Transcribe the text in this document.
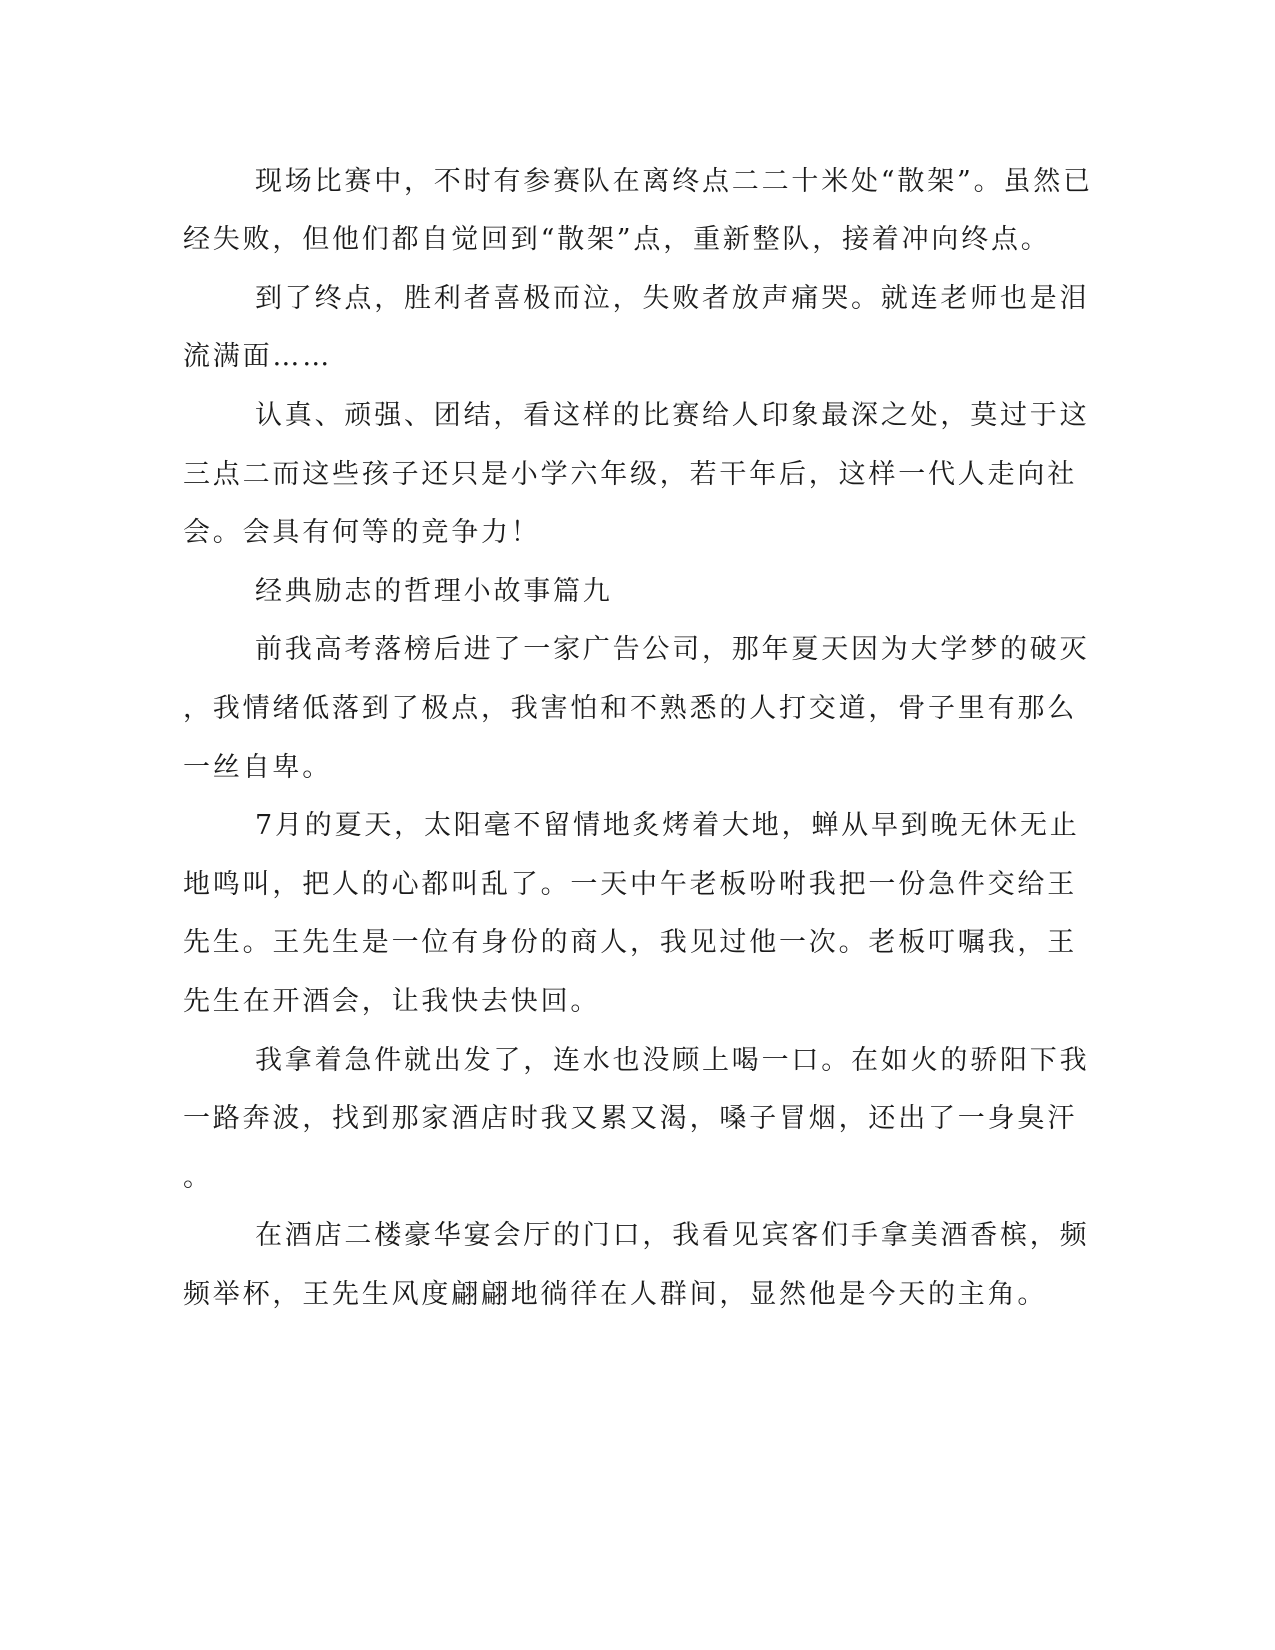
现场比赛中，不时有参赛队在离终点二二十米处“散架”。虽然已
经失败，但他们都自觉回到“散架”点，重新整队，接着冲向终点。
到了终点，胜利者喜极而泣，失败者放声痛哭。就连老师也是泪
流满面……
认真、顽强、团结，看这样的比赛给人印象最深之处，莫过于这
三点二而这些孩子还只是小学六年级，若干年后，这样一代人走向社
会。会具有何等的竞争力！
经典励志的哲理小故事篇九
前我高考落榜后进了一家广告公司，那年夏天因为大学梦的破灭
，我情绪低落到了极点，我害怕和不熟悉的人打交道，骨子里有那么
一丝自卑。
7月的夏天，太阳毫不留情地炙烤着大地，蝉从早到晚无休无止
地鸣叫，把人的心都叫乱了。一天中午老板吩咐我把一份急件交给王
先生。王先生是一位有身份的商人，我见过他一次。老板叮嘱我，王
先生在开酒会，让我快去快回。
我拿着急件就出发了，连水也没顾上喝一口。在如火的骄阳下我
一路奔波，找到那家酒店时我又累又渴，嗓子冒烟，还出了一身臭汗
。
在酒店二楼豪华宴会厅的门口，我看见宾客们手拿美酒香槟，频
频举杯，王先生风度翩翩地徜徉在人群间，显然他是今天的主角。
